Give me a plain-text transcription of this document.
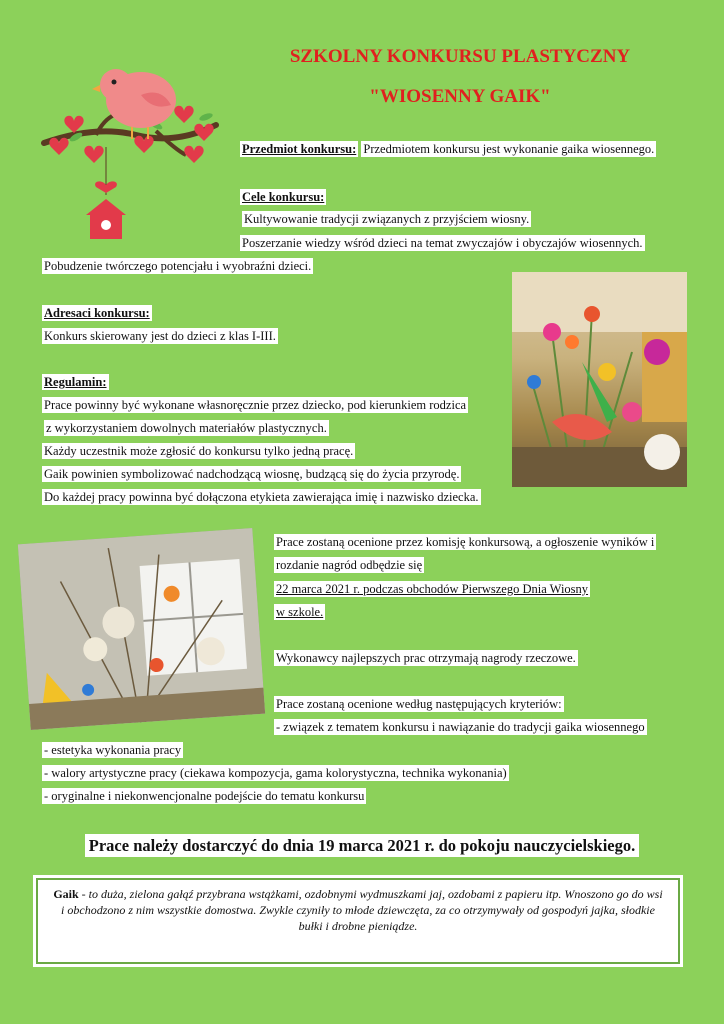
SZKOLNY KONKURSU PLASTYCZNY
"WIOSENNY GAIK"
Przedmiot konkursu: Przedmiotem konkursu jest wykonanie gaika wiosennego.
Cele konkursu:
Kultywowanie tradycji związanych z przyjściem wiosny.
Poszerzanie wiedzy wśród dzieci na temat zwyczajów i obyczajów wiosennych.
Pobudzenie twórczego potencjału i wyobraźni dzieci.
Adresaci konkursu:
Konkurs skierowany jest do dzieci z klas I-III.
Regulamin:
Prace powinny być wykonane własnoręcznie przez dziecko, pod kierunkiem rodzica
z wykorzystaniem dowolnych materiałów plastycznych.
Każdy uczestnik może zgłosić do konkursu tylko jedną pracę.
Gaik powinien symbolizować nadchodzącą wiosnę, budzącą się do życia przyrodę.
Do każdej pracy powinna być dołączona etykieta zawierająca imię i nazwisko dziecka.
Prace zostaną ocenione przez komisję konkursową, a ogłoszenie wyników i
rozdanie nagród odbędzie się
22 marca 2021 r. podczas obchodów Pierwszego Dnia Wiosny
w szkole.
Wykonawcy najlepszych prac otrzymają nagrody rzeczowe.
Prace zostaną ocenione według następujących kryteriów:
- związek z tematem konkursu i nawiązanie do tradycji gaika wiosennego
- estetyka wykonania pracy
- walory artystyczne pracy (ciekawa kompozycja, gama kolorystyczna, technika wykonania)
- oryginalne i niekonwencjonalne podejście do tematu konkursu
Prace należy dostarczyć do dnia 19 marca 2021 r. do pokoju nauczycielskiego.
Gaik - to duża, zielona gałąź przybrana wstążkami, ozdobnymi wydmuszkami jaj, ozdobami z papieru itp. Wnoszono go do wsi i obchodzono z nim wszystkie domostwa. Zwykle czyniły to młode dziewczęta, za co otrzymywały od gospodyń jajka, słodkie bułki i drobne pieniądze.
